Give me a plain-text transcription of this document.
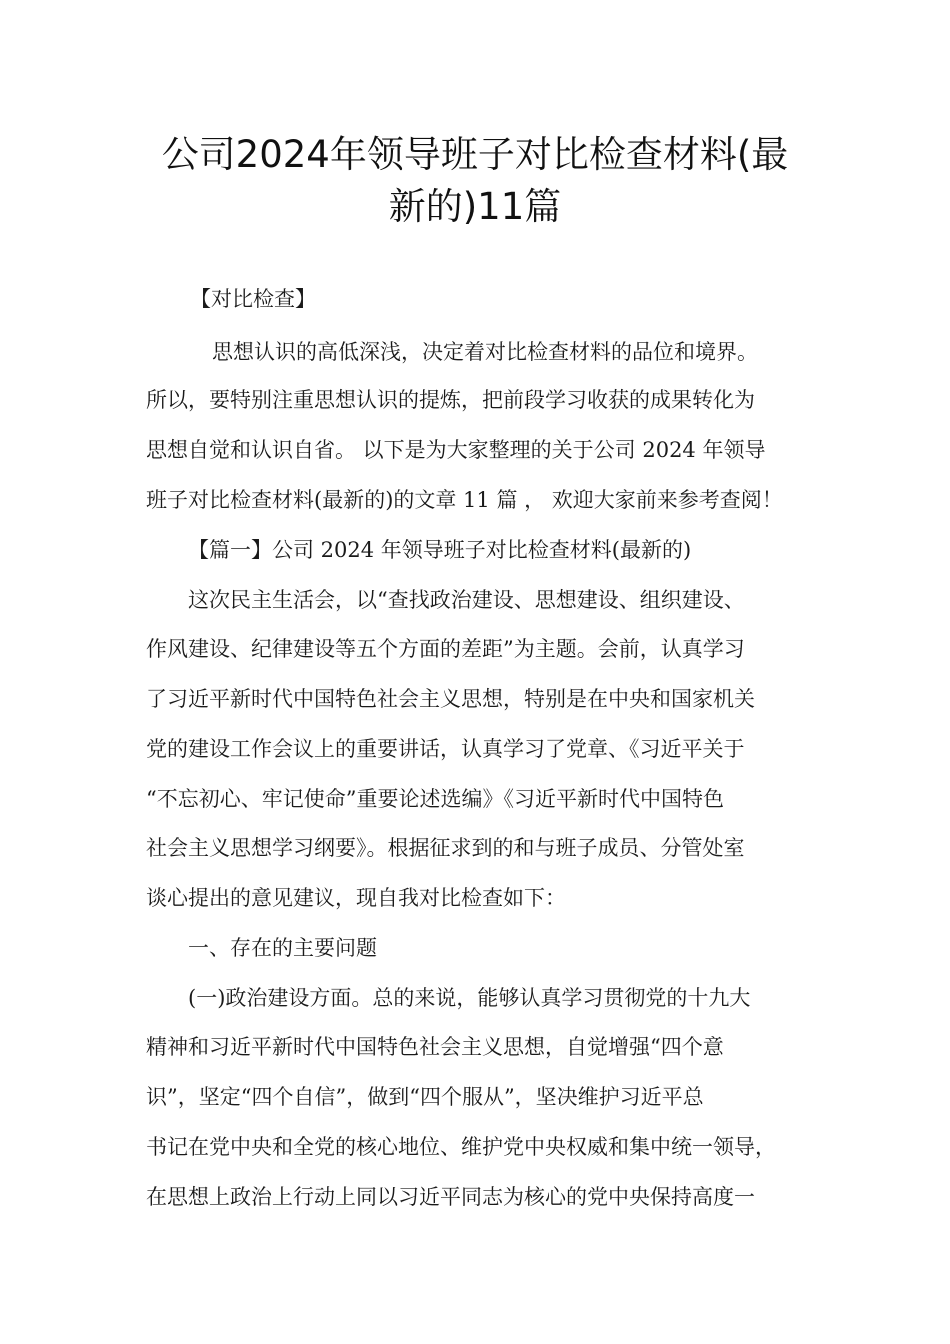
公司2024年领导班子对比检查材料(最
新的)11篇
【对比检查】
思想认识的高低深浅，决定着对比检查材料的品位和境界。
所以，要特别注重思想认识的提炼，把前段学习收获的成果转化为
思想自觉和认识自省。 以下是为大家整理的关于公司 2024 年领导
班子对比检查材料(最新的)的文章 11 篇 ， 欢迎大家前来参考查阅！
【篇一】公司 2024 年领导班子对比检查材料(最新的)
这次民主生活会，以“查找政治建设、思想建设、组织建设、
作风建设、纪律建设等五个方面的差距”为主题。会前，认真学习
了习近平新时代中国特色社会主义思想，特别是在中央和国家机关
党的建设工作会议上的重要讲话，认真学习了党章、《习近平关于
“不忘初心、牢记使命”重要论述选编》《习近平新时代中国特色
社会主义思想学习纲要》。根据征求到的和与班子成员、分管处室
谈心提出的意见建议，现自我对比检查如下：
一、存在的主要问题
(一)政治建设方面。总的来说，能够认真学习贯彻党的十九大
精神和习近平新时代中国特色社会主义思想，自觉增强“四个意
识”，坚定“四个自信”，做到“四个服从”，坚决维护习近平总
书记在党中央和全党的核心地位、维护党中央权威和集中统一领导，
在思想上政治上行动上同以习近平同志为核心的党中央保持高度一
